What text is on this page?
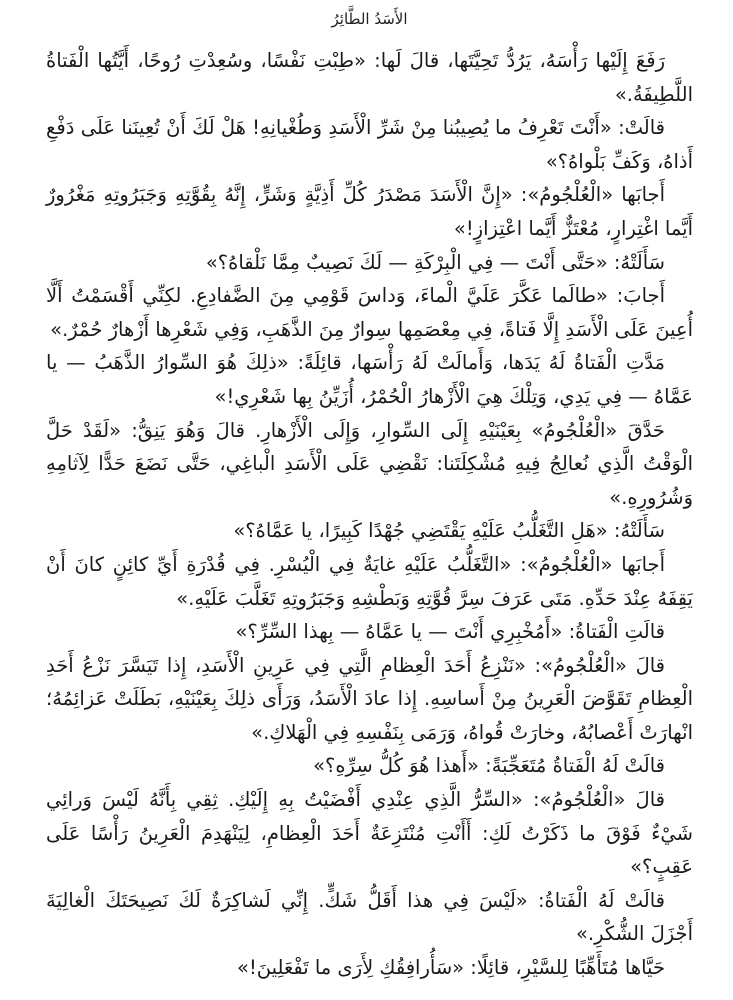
الأَسَدُ الطَّائِرُ

رَفَعَ إِلَيْها رَأْسَهُ، يَرُدُّ تَحِيَّتَها، قالَ لَها: «طِبْتِ نَفْسًا، وسُعِدْتِ رُوحًا، أَيَّتُها الْفَتاةُ اللَّطِيفَةُ.»

قالَتْ: «أَنْتَ تَعْرِفُ ما يُصِيبُنا مِنْ شَرِّ الْأَسَدِ وَطُغْيانِهِ! هَلْ لَكَ أَنْ تُعِينَنا عَلَى دَفْعِ أَذاهُ، وَكَفِّ بَلْواهُ؟»

أَجابَها «الْعُلْجُومُ»: «إِنَّ الْأَسَدَ مَصْدَرُ كُلِّ أَذِيَّةٍ وَشَرٍّ، إِنَّهُ بِقُوَّتِهِ وَجَبَرُوتِهِ مَغْرُورٌ أَيَّما اغْتِرارٍ، مُعْتَزٌّ أَيَّما اعْتِزازٍ!»

سَأَلَتْهُ: «حَتَّى أَنْتَ — فِي الْبِرْكَةِ — لَكَ نَصِيبٌ مِمَّا نَلْقاهُ؟»

أَجابَ: «طالَما عَكَّرَ عَلَيَّ الْماءَ، وَداسَ قَوْمِي مِنَ الضَّفادِعِ. لكِنِّي أَقْسَمْتُ أَلَّا أُعِينَ عَلَى الْأَسَدِ إِلَّا فَتاةً، فِي مِعْصَمِها سِوارٌ مِنَ الذَّهَبِ، وَفِي شَعْرِها أَزْهارٌ حُمْرٌ.»

مَدَّتِ الْفَتاةُ لَهُ يَدَها، وَأَمالَتْ لَهُ رَأْسَها، قائِلَةً: «ذلِكَ هُوَ السِّوارُ الذَّهَبُ — يا عَمَّاهُ — فِي يَدِي، وَتِلْكَ هِيَ الْأَزْهارُ الْحُمْرُ، أُزَيِّنُ بِها شَعْرِي!»

حَدَّقَ «الْعُلْجُومُ» بِعَيْنَيْهِ إِلَى السِّوارِ، وَإِلَى الْأَزْهارِ. قالَ وَهُوَ يَنِقُّ: «لَقَدْ حَلَّ الْوَقْتُ الَّذِي نُعالِجُ فِيهِ مُشْكِلَتَنا: نَقْضِي عَلَى الْأَسَدِ الْباغِي، حَتَّى نَضَعَ حَدًّا لِآثامِهِ وَشُرُورِهِ.»

سَأَلَتْهُ: «هَلِ التَّغَلُّبُ عَلَيْهِ يَقْتَضِي جُهْدًا كَبِيرًا، يا عَمَّاهُ؟»

أَجابَها «الْعُلْجُومُ»: «التَّغَلُّبُ عَلَيْهِ غايَةٌ فِي الْيُسْرِ. فِي قُدْرَةِ أَيِّ كائِنٍ كانَ أَنْ يَقِفَهُ عِنْدَ حَدِّهِ. مَتَى عَرَفَ سِرَّ قُوَّتِهِ وَبَطْشِهِ وَجَبَرُوتِهِ تَغَلَّبَ عَلَيْهِ.»

قالَتِ الْفَتاةُ: «أَمُخْبِرِي أَنْتَ — يا عَمَّاهُ — بِهذا السِّرِّ؟»

قالَ «الْعُلْجُومُ»: «نَنْزِعُ أَحَدَ الْعِظامِ الَّتِي فِي عَرِينِ الْأَسَدِ، إِذا تَيَسَّرَ نَزْعُ أَحَدِ الْعِظامِ تَقَوَّضَ الْعَرِينُ مِنْ أَساسِهِ. إِذا عادَ الْأَسَدُ، وَرَأَى ذلِكَ بِعَيْنَيْهِ، بَطَلَتْ عَزائِمُهُ؛ انْهارَتْ أَعْصابُهُ، وخارَتْ قُواهُ، وَرَمَى بِنَفْسِهِ فِي الْهَلاكِ.»

قالَتْ لَهُ الْفَتاةُ مُتَعَجِّبَةً: «أَهذا هُوَ كُلُّ سِرِّهِ؟»

قالَ «الْعُلْجُومُ»: «السِّرُّ الَّذِي عِنْدِي أَفْضَيْتُ بِهِ إِلَيْكِ. ثِقِي بِأَنَّهُ لَيْسَ وَرائِي شَيْءٌ فَوْقَ ما ذَكَرْتُ لَكِ: أَأَنْتِ مُنْتَزِعَةٌ أَحَدَ الْعِظامِ، لِيَنْهَدِمَ الْعَرِينُ رَأْسًا عَلَى عَقِبٍ؟»

قالَتْ لَهُ الْفَتاةُ: «لَيْسَ فِي هذا أَقَلُّ شَكٍّ. إِنِّي لَشاكِرَةٌ لَكَ نَصِيحَتَكَ الْغالِيَةَ أَجْزَلَ الشُّكْرِ.»

حَيَّاها مُتَأَهِّبًا لِلسَّيْرِ، قائِلًا: «سَأُرافِقُكِ لِأَرَى ما تَفْعَلِينَ!»
